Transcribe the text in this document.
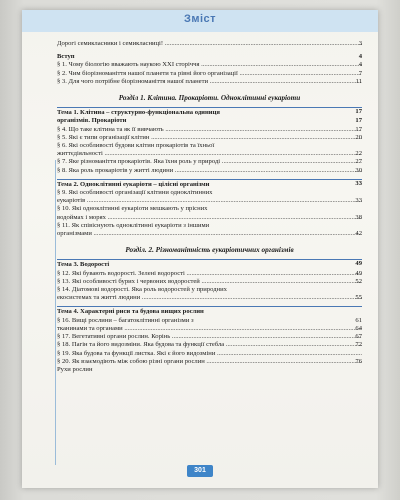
Зміст
Дорогі семикласники і семикласниці! .....	3
Вступ	4
§ 1. Чому біологію вважають наукою XXI сторіччя .....	4
§ 2. Чим біорізноманіття нашої планети та рівні його організації .....	7
§ 3. Для чого потрібне біорізноманіття нашої планети .....	11
Розділ 1. Клітина. Прокаріоти. Одноклітинні еукаріоти
Тема 1. Клітина – структурно-функціональна одиниця	17
організмів. Прокаріоти	17
§ 4. Що таке клітина та як її вивчають .....	17
§ 5. Які є типи організації клітин .....	20
§ 6. Які особливості будови клітин прокаріотів та їхньої
життєдіяльності .....	22
§ 7. Яке різноманіття прокаріотів. Яка їхня роль у природі .....	27
§ 8. Яка роль прокаріотів у житті людини .....	30
Тема 2. Одноклітинні еукаріоти – цілісні організми	33
§ 9. Які особливості організації клітини одноклітинних
еукаріотів .....	33
§ 10. Які одноклітинні еукаріоти мешкають у прісних
водоймах і морях .....	38
§ 11. Як співіснують одноклітинні еукаріоти з іншими
організмами .....	42
Розділ. 2. Різноманітність еукаріотичних організмів
Тема 3. Водорості	49
§ 12. Які бувають водорості. Зелені водорості .....	49
§ 13. Які особливості бурих і червоних водоростей .....	52
§ 14. Діатомові водорості. Яка роль водоростей у природних
екосистемах та житті людини .....	55
Тема 4. Характерні риси та будова вищих рослин
§ 16. Вищі рослини – багатоклітинні організми з	61
тканинами та органами .....	64
§ 17. Вегетативні органи рослин. Корінь .....	67
§ 18. Пагін та його видозміни. Яка будова та функції стебла .....	72
§ 19. Яка будова та функції листка. Які є його видозміни .....
§ 20. Як взаємодіють між собою різні органи рослин .....	76
Рухи рослин
301
